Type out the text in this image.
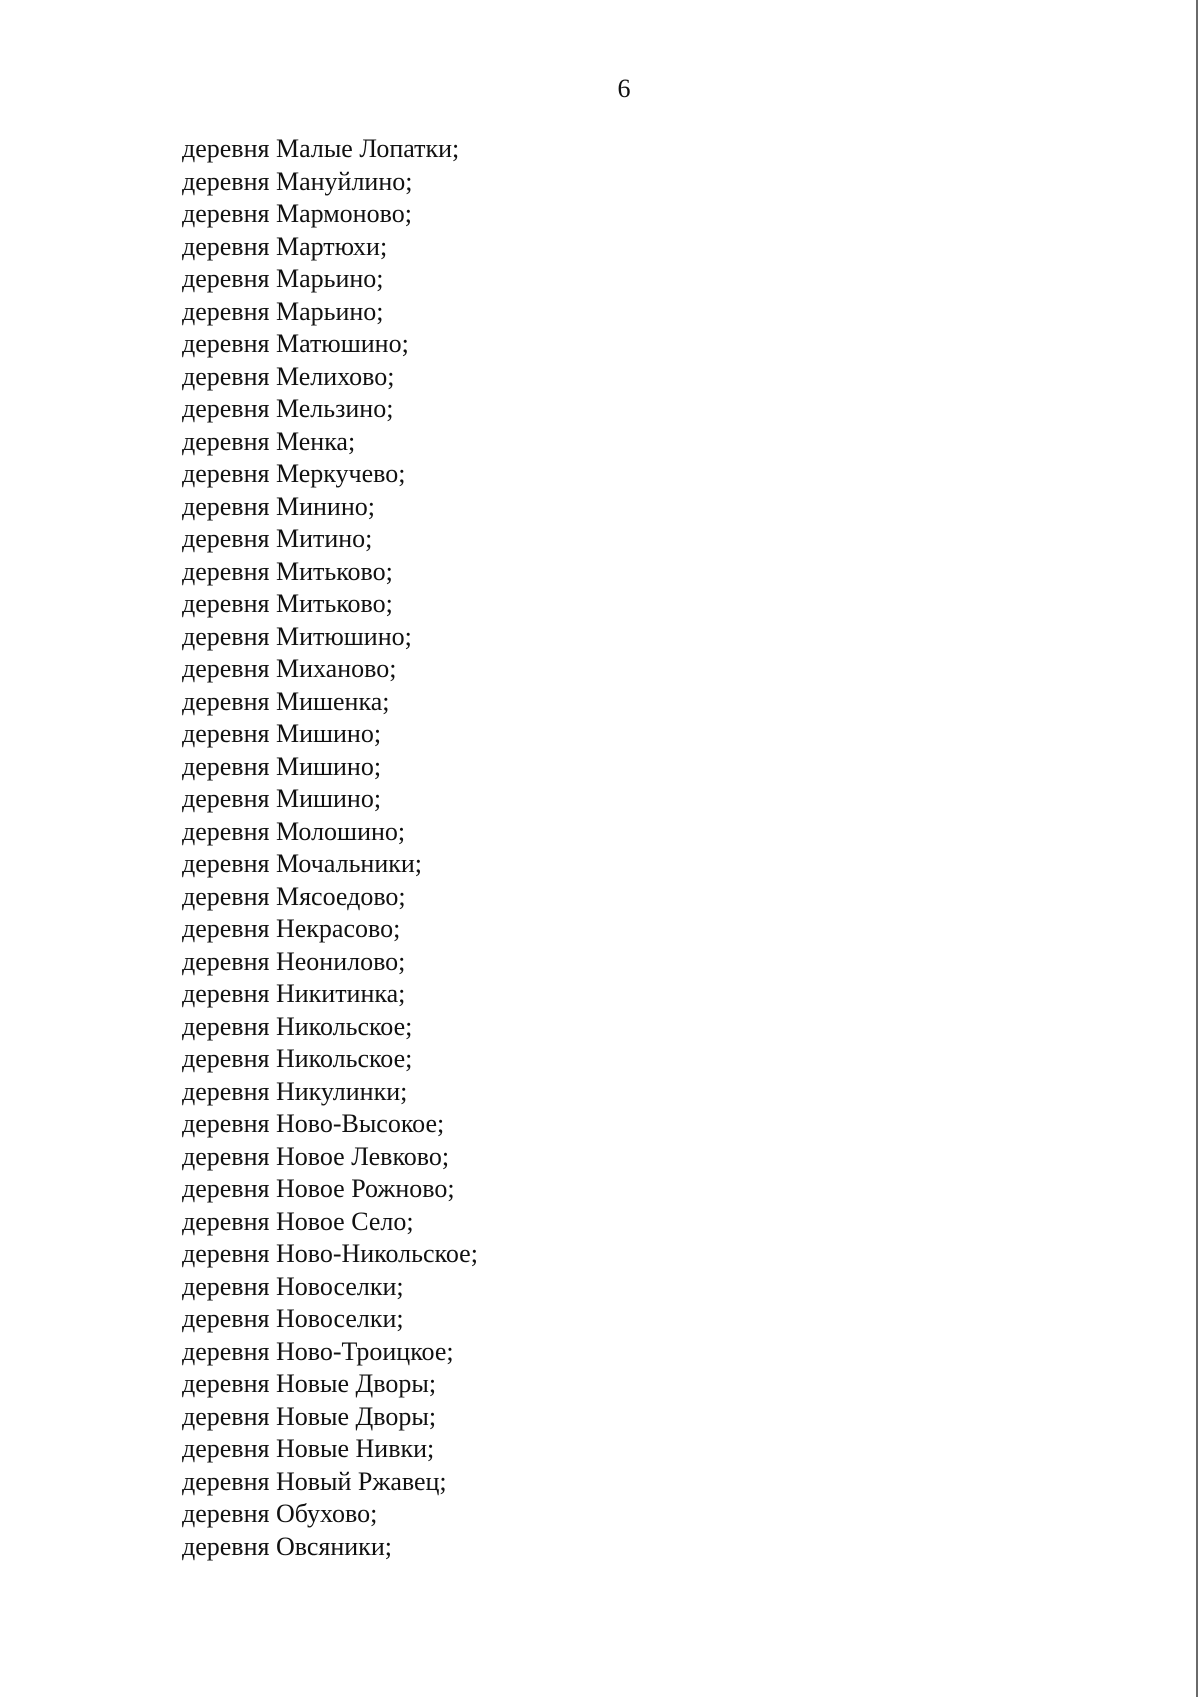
6
деревня Малые Лопатки;
деревня Мануйлино;
деревня Мармоново;
деревня Мартюхи;
деревня Марьино;
деревня Марьино;
деревня Матюшино;
деревня Мелихово;
деревня Мельзино;
деревня Менка;
деревня Меркучево;
деревня Минино;
деревня Митино;
деревня Митьково;
деревня Митьково;
деревня Митюшино;
деревня Миханово;
деревня Мишенка;
деревня Мишино;
деревня Мишино;
деревня Мишино;
деревня Молошино;
деревня Мочальники;
деревня Мясоедово;
деревня Некрасово;
деревня Неонилово;
деревня Никитинка;
деревня Никольское;
деревня Никольское;
деревня Никулинки;
деревня Ново-Высокое;
деревня Новое Левково;
деревня Новое Рожново;
деревня Новое Село;
деревня Ново-Никольское;
деревня Новоселки;
деревня Новоселки;
деревня Ново-Троицкое;
деревня Новые Дворы;
деревня Новые Дворы;
деревня Новые Нивки;
деревня Новый Ржавец;
деревня Обухово;
деревня Овсяники;
